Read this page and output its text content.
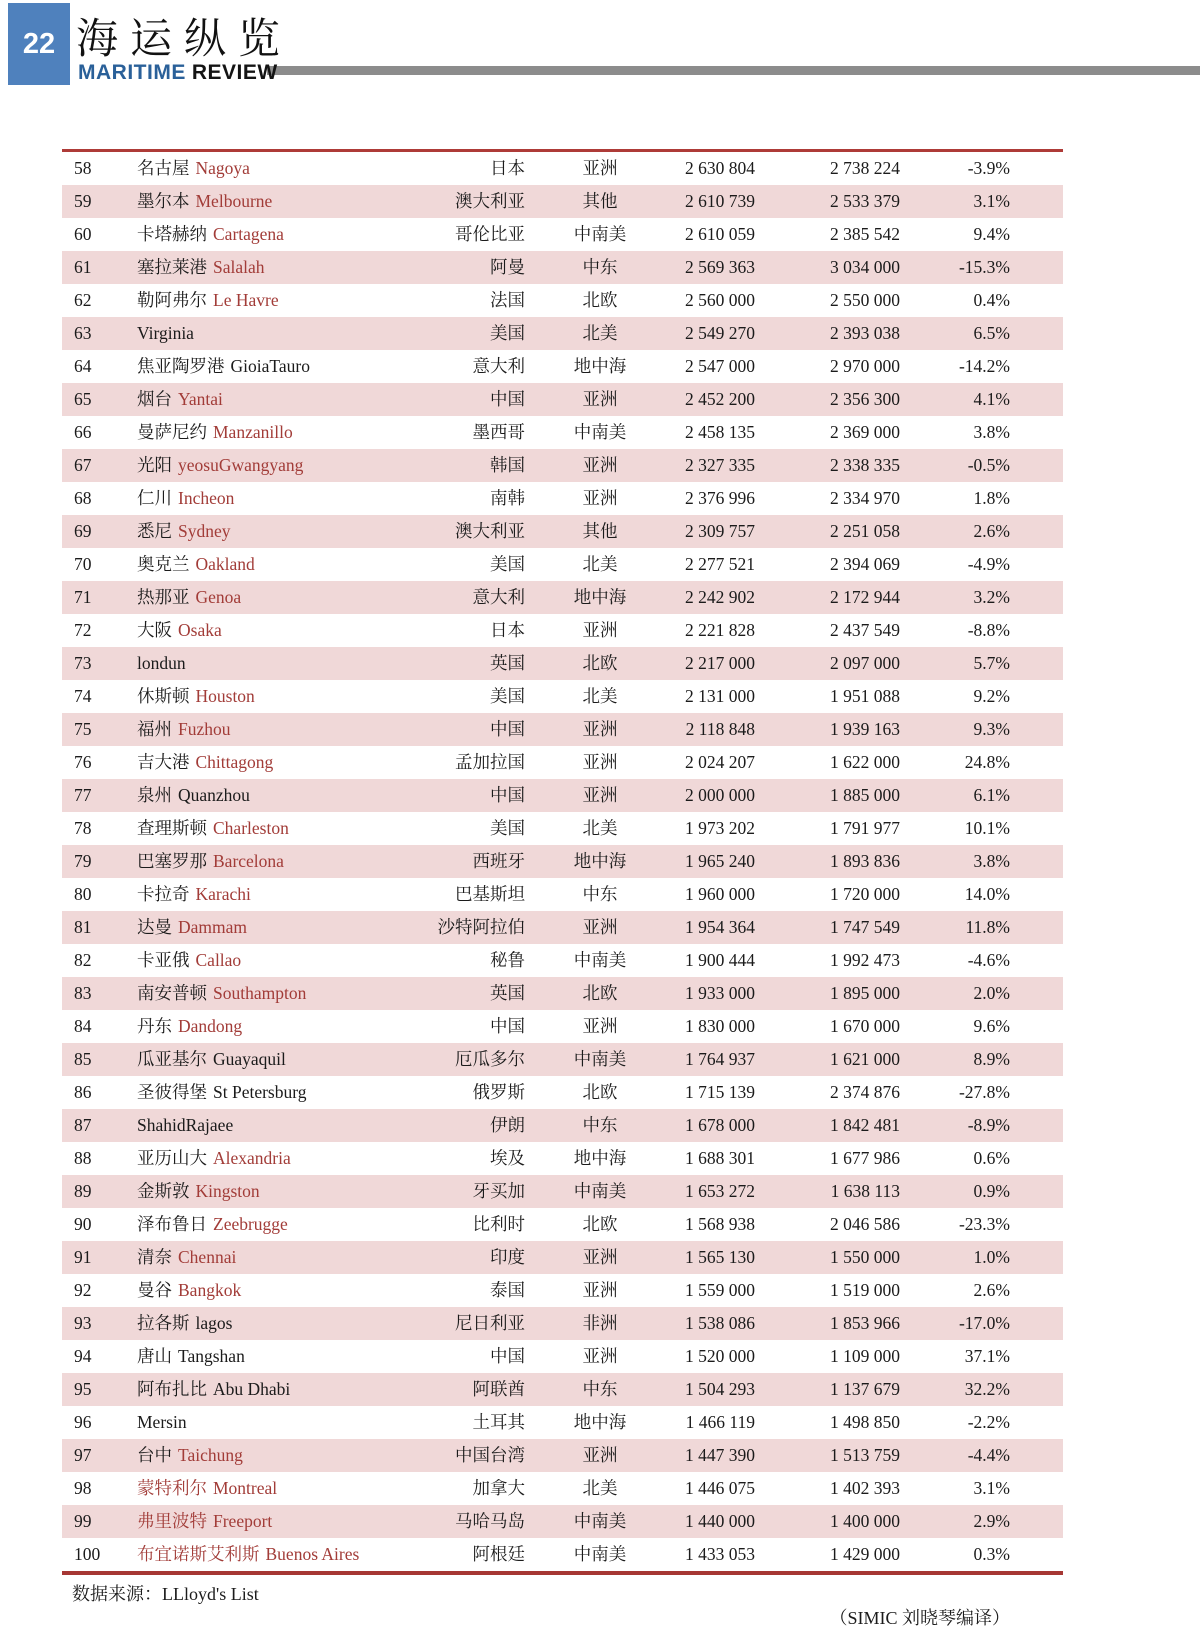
22 海运纵览
MARITIME REVIEW
58	名古屋 Nagoya	日本	亚洲	2 630 804	2 738 224	-3.9%
59	墨尔本 Melbourne	澳大利亚	其他	2 610 739	2 533 379	3.1%
60	卡塔赫纳 Cartagena	哥伦比亚	中南美	2 610 059	2 385 542	9.4%
61	塞拉莱港 Salalah	阿曼	中东	2 569 363	3 034 000	-15.3%
62	勒阿弗尔 Le Havre	法国	北欧	2 560 000	2 550 000	0.4%
63	Virginia	美国	北美	2 549 270	2 393 038	6.5%
64	焦亚陶罗港 GioiaTauro	意大利	地中海	2 547 000	2 970 000	-14.2%
65	烟台 Yantai	中国	亚洲	2 452 200	2 356 300	4.1%
66	曼萨尼约 Manzanillo	墨西哥	中南美	2 458 135	2 369 000	3.8%
67	光阳 yeosuGwangyang	韩国	亚洲	2 327 335	2 338 335	-0.5%
68	仁川 Incheon	南韩	亚洲	2 376 996	2 334 970	1.8%
69	悉尼 Sydney	澳大利亚	其他	2 309 757	2 251 058	2.6%
70	奥克兰 Oakland	美国	北美	2 277 521	2 394 069	-4.9%
71	热那亚 Genoa	意大利	地中海	2 242 902	2 172 944	3.2%
72	大阪 Osaka	日本	亚洲	2 221 828	2 437 549	-8.8%
73	londun	英国	北欧	2 217 000	2 097 000	5.7%
74	休斯顿 Houston	美国	北美	2 131 000	1 951 088	9.2%
75	福州 Fuzhou	中国	亚洲	2 118 848	1 939 163	9.3%
76	吉大港 Chittagong	孟加拉国	亚洲	2 024 207	1 622 000	24.8%
77	泉州 Quanzhou	中国	亚洲	2 000 000	1 885 000	6.1%
78	查理斯顿 Charleston	美国	北美	1 973 202	1 791 977	10.1%
79	巴塞罗那 Barcelona	西班牙	地中海	1 965 240	1 893 836	3.8%
80	卡拉奇 Karachi	巴基斯坦	中东	1 960 000	1 720 000	14.0%
81	达曼 Dammam	沙特阿拉伯	亚洲	1 954 364	1 747 549	11.8%
82	卡亚俄 Callao	秘鲁	中南美	1 900 444	1 992 473	-4.6%
83	南安普顿 Southampton	英国	北欧	1 933 000	1 895 000	2.0%
84	丹东 Dandong	中国	亚洲	1 830 000	1 670 000	9.6%
85	瓜亚基尔 Guayaquil	厄瓜多尔	中南美	1 764 937	1 621 000	8.9%
86	圣彼得堡 St Petersburg	俄罗斯	北欧	1 715 139	2 374 876	-27.8%
87	ShahidRajaee	伊朗	中东	1 678 000	1 842 481	-8.9%
88	亚历山大 Alexandria	埃及	地中海	1 688 301	1 677 986	0.6%
89	金斯敦 Kingston	牙买加	中南美	1 653 272	1 638 113	0.9%
90	泽布鲁日 Zeebrugge	比利时	北欧	1 568 938	2 046 586	-23.3%
91	清奈 Chennai	印度	亚洲	1 565 130	1 550 000	1.0%
92	曼谷 Bangkok	泰国	亚洲	1 559 000	1 519 000	2.6%
93	拉各斯 lagos	尼日利亚	非洲	1 538 086	1 853 966	-17.0%
94	唐山 Tangshan	中国	亚洲	1 520 000	1 109 000	37.1%
95	阿布扎比 Abu Dhabi	阿联酋	中东	1 504 293	1 137 679	32.2%
96	Mersin	土耳其	地中海	1 466 119	1 498 850	-2.2%
97	台中 Taichung	中国台湾	亚洲	1 447 390	1 513 759	-4.4%
98	蒙特利尔 Montreal	加拿大	北美	1 446 075	1 402 393	3.1%
99	弗里波特 Freeport	马哈马岛	中南美	1 440 000	1 400 000	2.9%
100	布宜诺斯艾利斯 Buenos Aires	阿根廷	中南美	1 433 053	1 429 000	0.3%
数据来源：LLloyd's List
（SIMIC 刘晓琴编译）
